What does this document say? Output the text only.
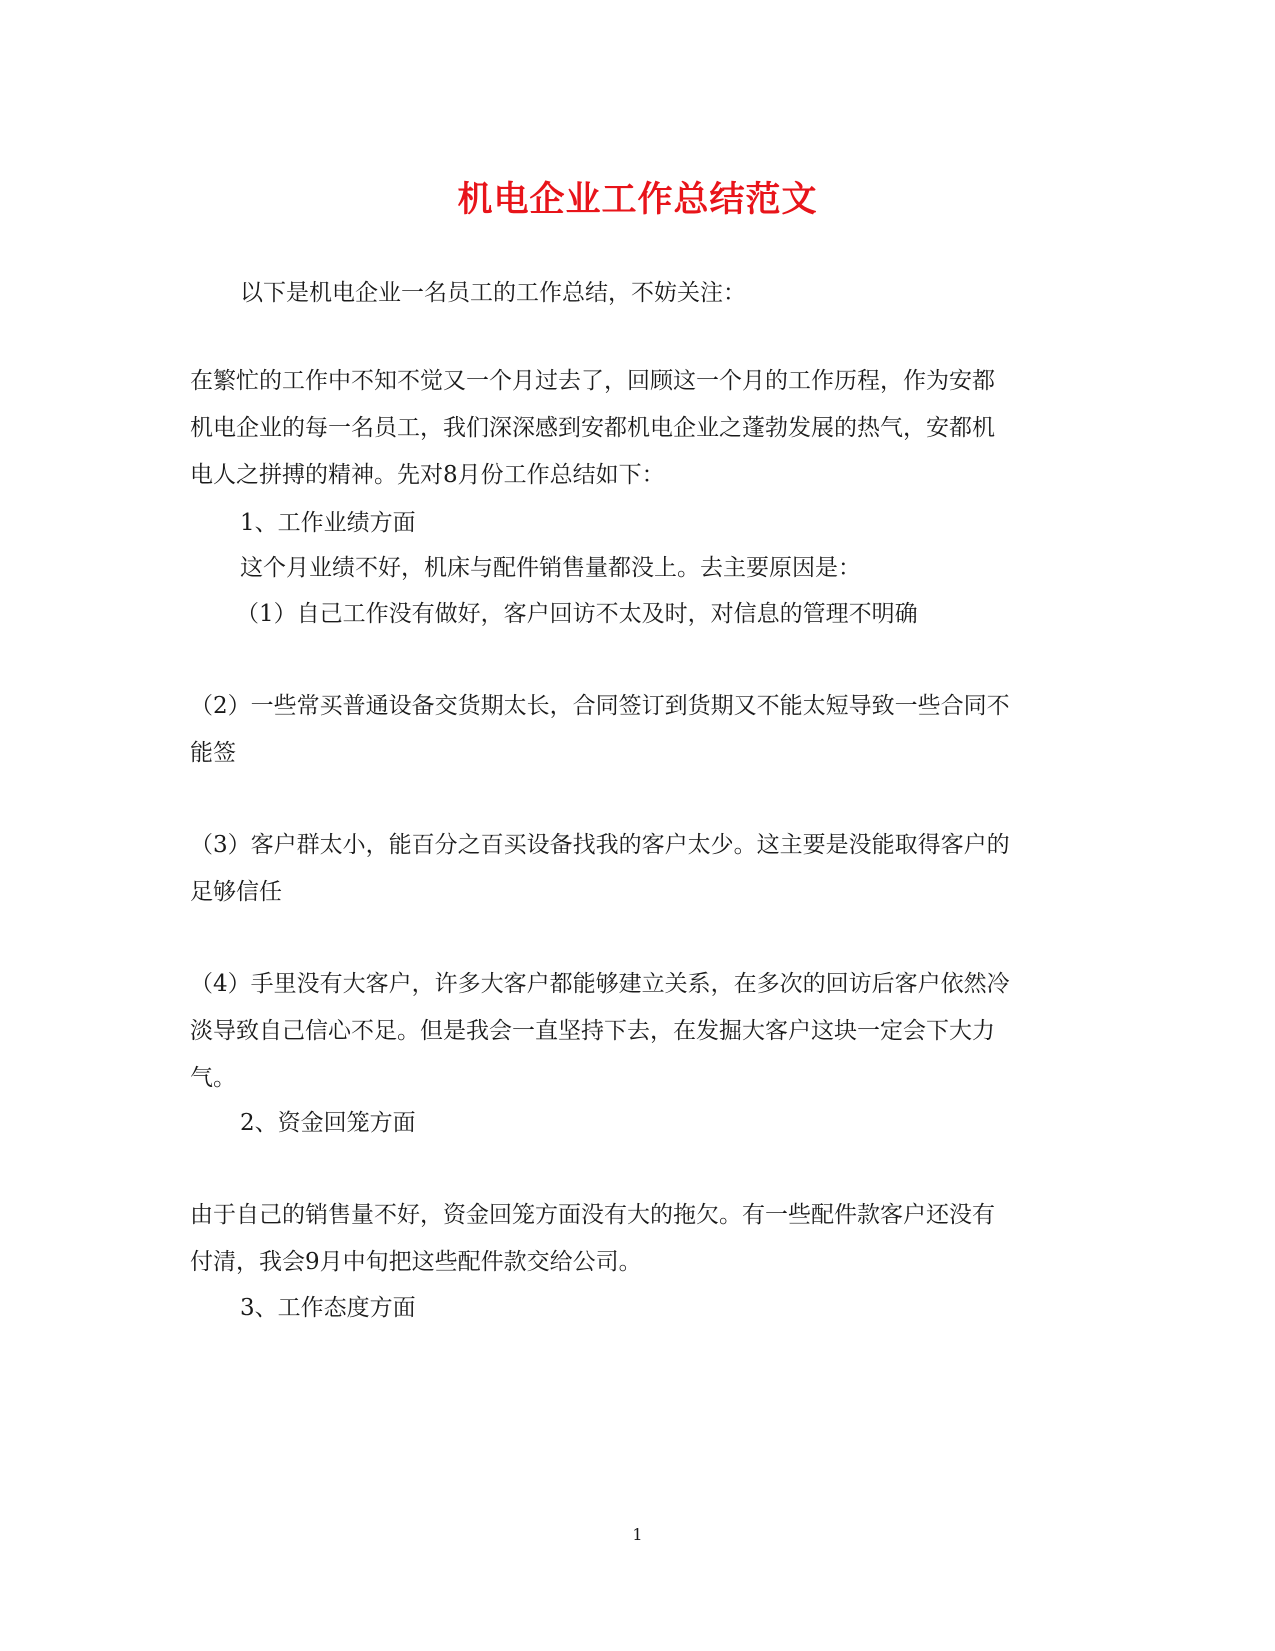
机电企业工作总结范文

以下是机电企业一名员工的工作总结，不妨关注：

在繁忙的工作中不知不觉又一个月过去了，回顾这一个月的工作历程，作为安都

机电企业的每一名员工，我们深深感到安都机电企业之蓬勃发展的热气，安都机

电人之拼搏的精神。先对8月份工作总结如下：

1、工作业绩方面

这个月业绩不好，机床与配件销售量都没上。去主要原因是：

（1）自己工作没有做好，客户回访不太及时，对信息的管理不明确

（2）一些常买普通设备交货期太长，合同签订到货期又不能太短导致一些合同不

能签

（3）客户群太小，能百分之百买设备找我的客户太少。这主要是没能取得客户的

足够信任

（4）手里没有大客户，许多大客户都能够建立关系，在多次的回访后客户依然冷

淡导致自己信心不足。但是我会一直坚持下去，在发掘大客户这块一定会下大力

气。

2、资金回笼方面

由于自己的销售量不好，资金回笼方面没有大的拖欠。有一些配件款客户还没有

付清，我会9月中旬把这些配件款交给公司。

3、工作态度方面

1
